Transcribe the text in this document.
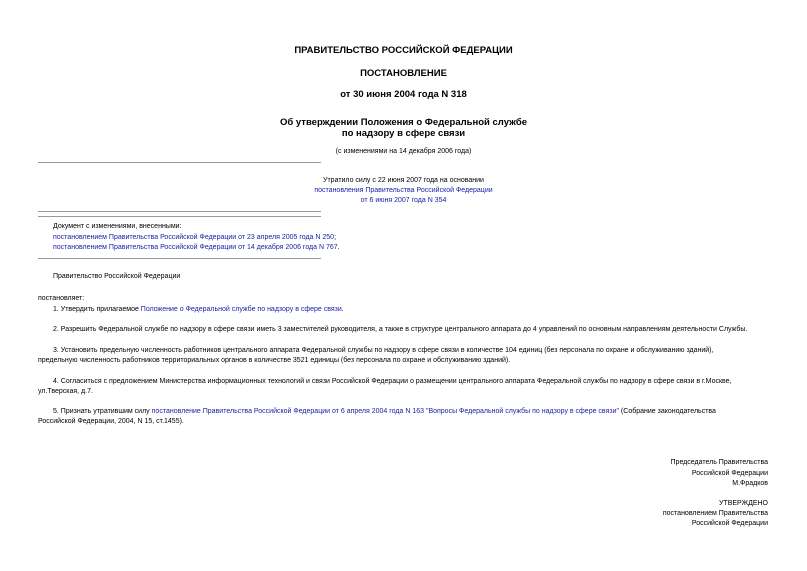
ПРАВИТЕЛЬСТВО РОССИЙСКОЙ ФЕДЕРАЦИИ
ПОСТАНОВЛЕНИЕ
от 30 июня 2004 года N 318
Об утверждении Положения о Федеральной службе
по надзору в сфере связи
(с изменениями на 14 декабря 2006 года)
Утратило силу с 22 июня 2007 года на основании
постановления Правительства Российской Федерации
от 6 июня 2007 года N 354
Документ с изменениями, внесенными:
постановлением Правительства Российской Федерации от 23 апреля 2005 года N 250;
постановлением Правительства Российской Федерации от 14 декабря 2006 года N 767.
Правительство Российской Федерации
постановляет:
1. Утвердить прилагаемое Положение о Федеральной службе по надзору в сфере связи.
2. Разрешить Федеральной службе по надзору в сфере связи иметь 3 заместителей руководителя, а также в структуре центрального аппарата до 4 управлений по основным направлениям деятельности Службы.
3. Установить предельную численность работников центрального аппарата Федеральной службы по надзору в сфере связи в количестве 104 единиц (без персонала по охране и обслуживанию зданий),
предельную численность работников территориальных органов в количестве 3521 единицы (без персонала по охране и обслуживанию зданий).
4. Согласиться с предложением Министерства информационных технологий и связи Российской Федерации о размещении центрального аппарата Федеральной службы по надзору в сфере связи в г.Москве,
ул.Тверская, д.7.
5. Признать утратившим силу постановление Правительства Российской Федерации от 6 апреля 2004 года N 163 "Вопросы Федеральной службы по надзору в сфере связи" (Собрание законодательства
Российской Федерации, 2004, N 15, ст.1455).
Председатель Правительства
Российской Федерации
М.Фрадков
УТВЕРЖДЕНО
постановлением Правительства
Российской Федерации
